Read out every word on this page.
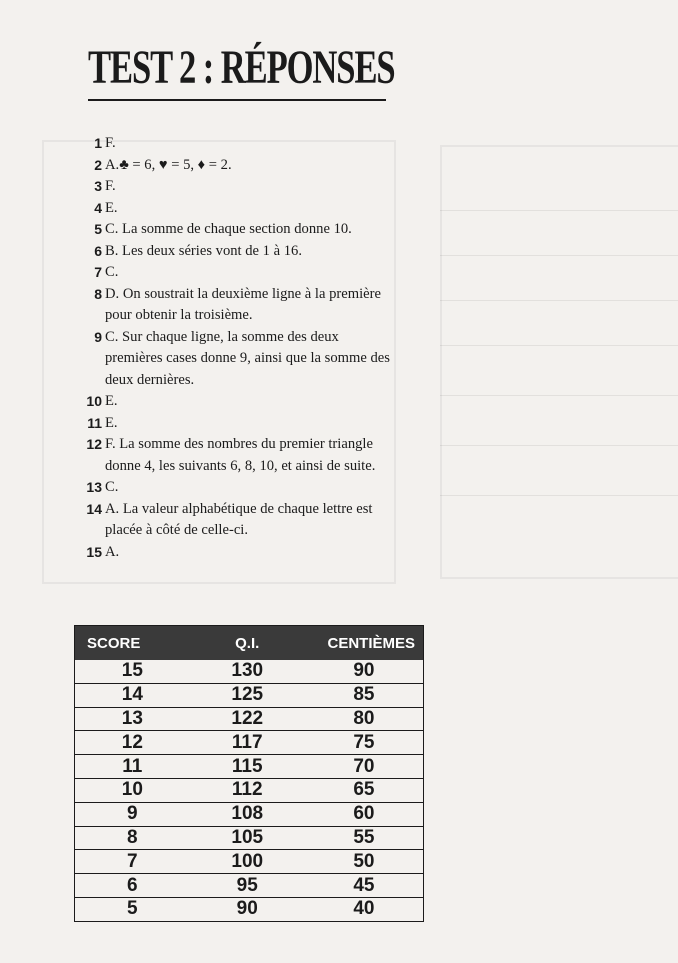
TEST 2 : RÉPONSES
1 F.
2 A.♣ = 6, ♥ = 5, ♦ = 2.
3 F.
4 E.
5 C. La somme de chaque section donne 10.
6 B. Les deux séries vont de 1 à 16.
7 C.
8 D. On soustrait la deuxième ligne à la première
pour obtenir la troisième.
9 C. Sur chaque ligne, la somme des deux
premières cases donne 9, ainsi que la somme des
deux dernières.
10 E.
11 E.
12 F. La somme des nombres du premier triangle
donne 4, les suivants 6, 8, 10, et ainsi de suite.
13 C.
14 A. La valeur alphabétique de chaque lettre est
placée à côté de celle-ci.
15 A.
SCORE	Q.I.	CENTIÈMES
15	130	90
14	125	85
13	122	80
12	117	75
11	115	70
10	112	65
9	108	60
8	105	55
7	100	50
6	95	45
5	90	40
